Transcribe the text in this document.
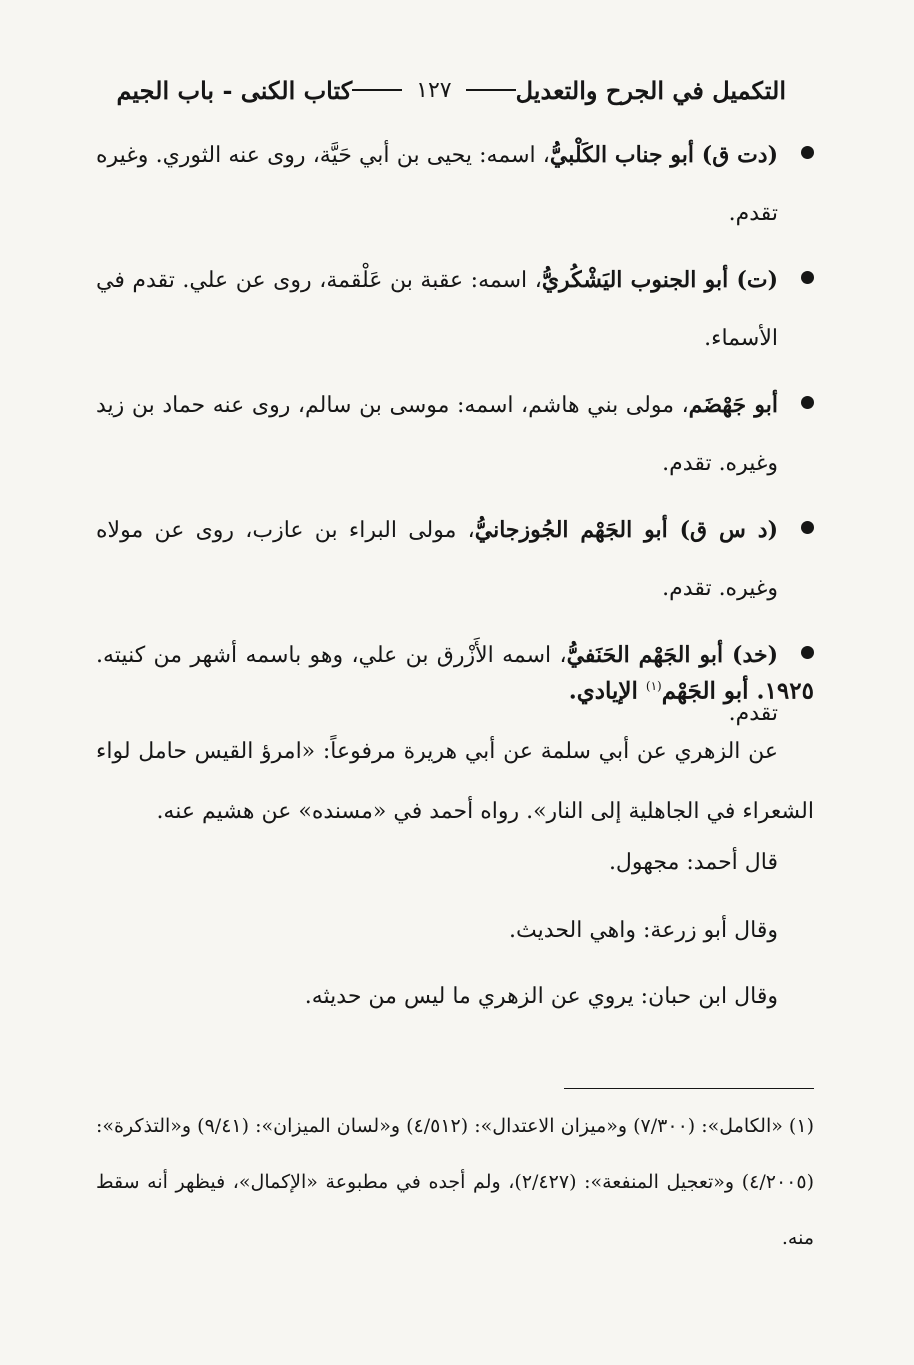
التكميل في الجرح والتعديل
١٢٧
كتاب الكنى - باب الجيم
(دت ق) أبو جناب الكَلْبيُّ، اسمه: يحيى بن أبي حَيَّة، روى عنه الثوري. وغيره تقدم.
(ت) أبو الجنوب اليَشْكُريُّ، اسمه: عقبة بن عَلْقمة، روى عن علي. تقدم في الأسماء.
أبو جَهْضَم، مولى بني هاشم، اسمه: موسى بن سالم، روى عنه حماد بن زيد وغيره. تقدم.
(د س ق) أبو الجَهْم الجُوزجانيُّ، مولى البراء بن عازب، روى عن مولاه وغيره. تقدم.
(خد) أبو الجَهْم الحَنَفيُّ، اسمه الأَزْرق بن علي، وهو باسمه أشهر من كنيته. تقدم.
١٩٢٥. أبو الجَهْم$^{(١)}$ الإيادي.

عن الزهري عن أبي سلمة عن أبي هريرة مرفوعاً: «امرؤ القيس حامل لواء الشعراء في الجاهلية إلى النار». رواه أحمد في «مسنده» عن هشيم عنه.

قال أحمد: مجهول.
وقال أبو زرعة: واهي الحديث.
وقال ابن حبان: يروي عن الزهري ما ليس من حديثه.

(١) «الكامل»: (٧/٣٠٠) و«ميزان الاعتدال»: (٤/٥١٢) و«لسان الميزان»: (٩/٤١) و«التذكرة»: (٤/٢٠٠٥) و«تعجيل المنفعة»: (٢/٤٢٧)، ولم أجده في مطبوعة «الإكمال»، فيظهر أنه سقط منه.
